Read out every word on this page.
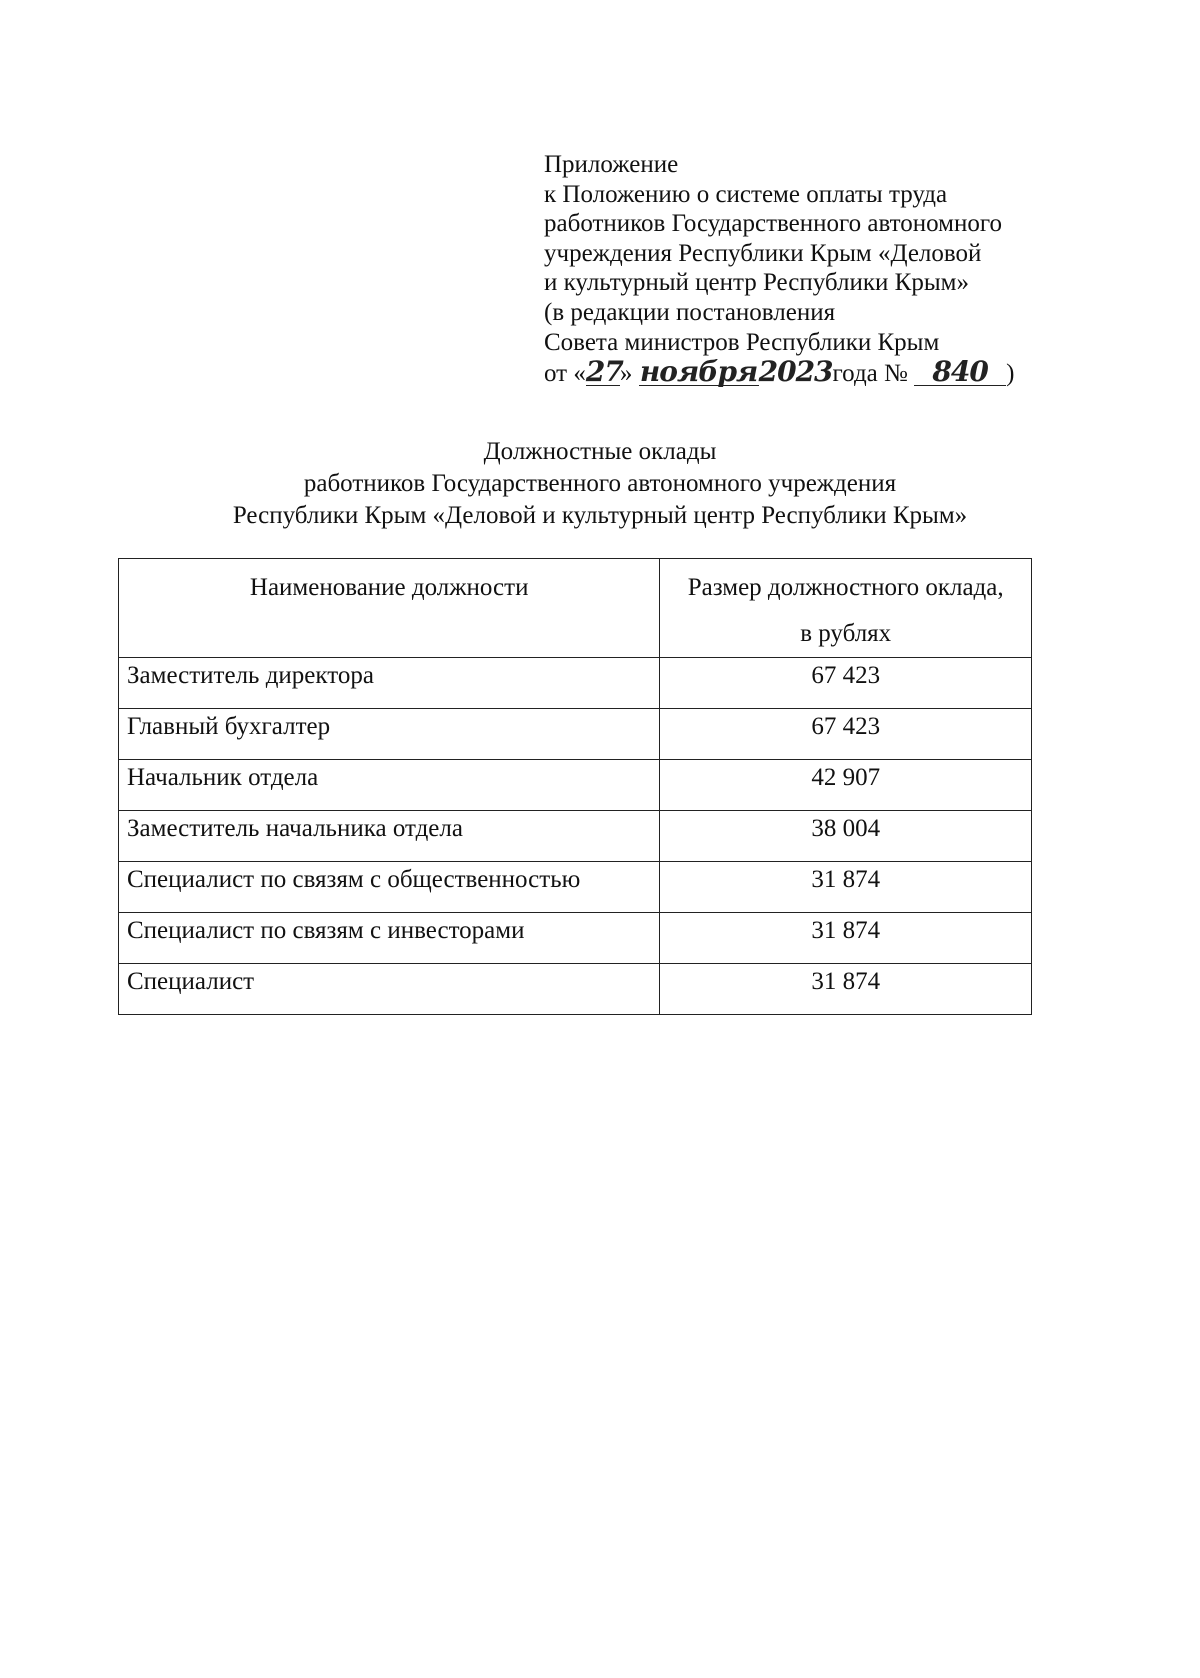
Приложение
к Положению о системе оплаты труда
работников Государственного автономного
учреждения Республики Крым «Деловой
и культурный центр Республики Крым»
(в редакции постановления
Совета министров Республики Крым
от «27» ноября2023года № 840 )
Должностные оклады
работников Государственного автономного учреждения
Республики Крым «Деловой и культурный центр Республики Крым»
Наименование должности	Размер должностного оклада,
в рублях

Заместитель директора	67 423
Главный бухгалтер	67 423
Начальник отдела	42 907
Заместитель начальника отдела	38 004
Специалист по связям с общественностью	31 874
Специалист по связям с инвесторами	31 874
Специалист	31 874
